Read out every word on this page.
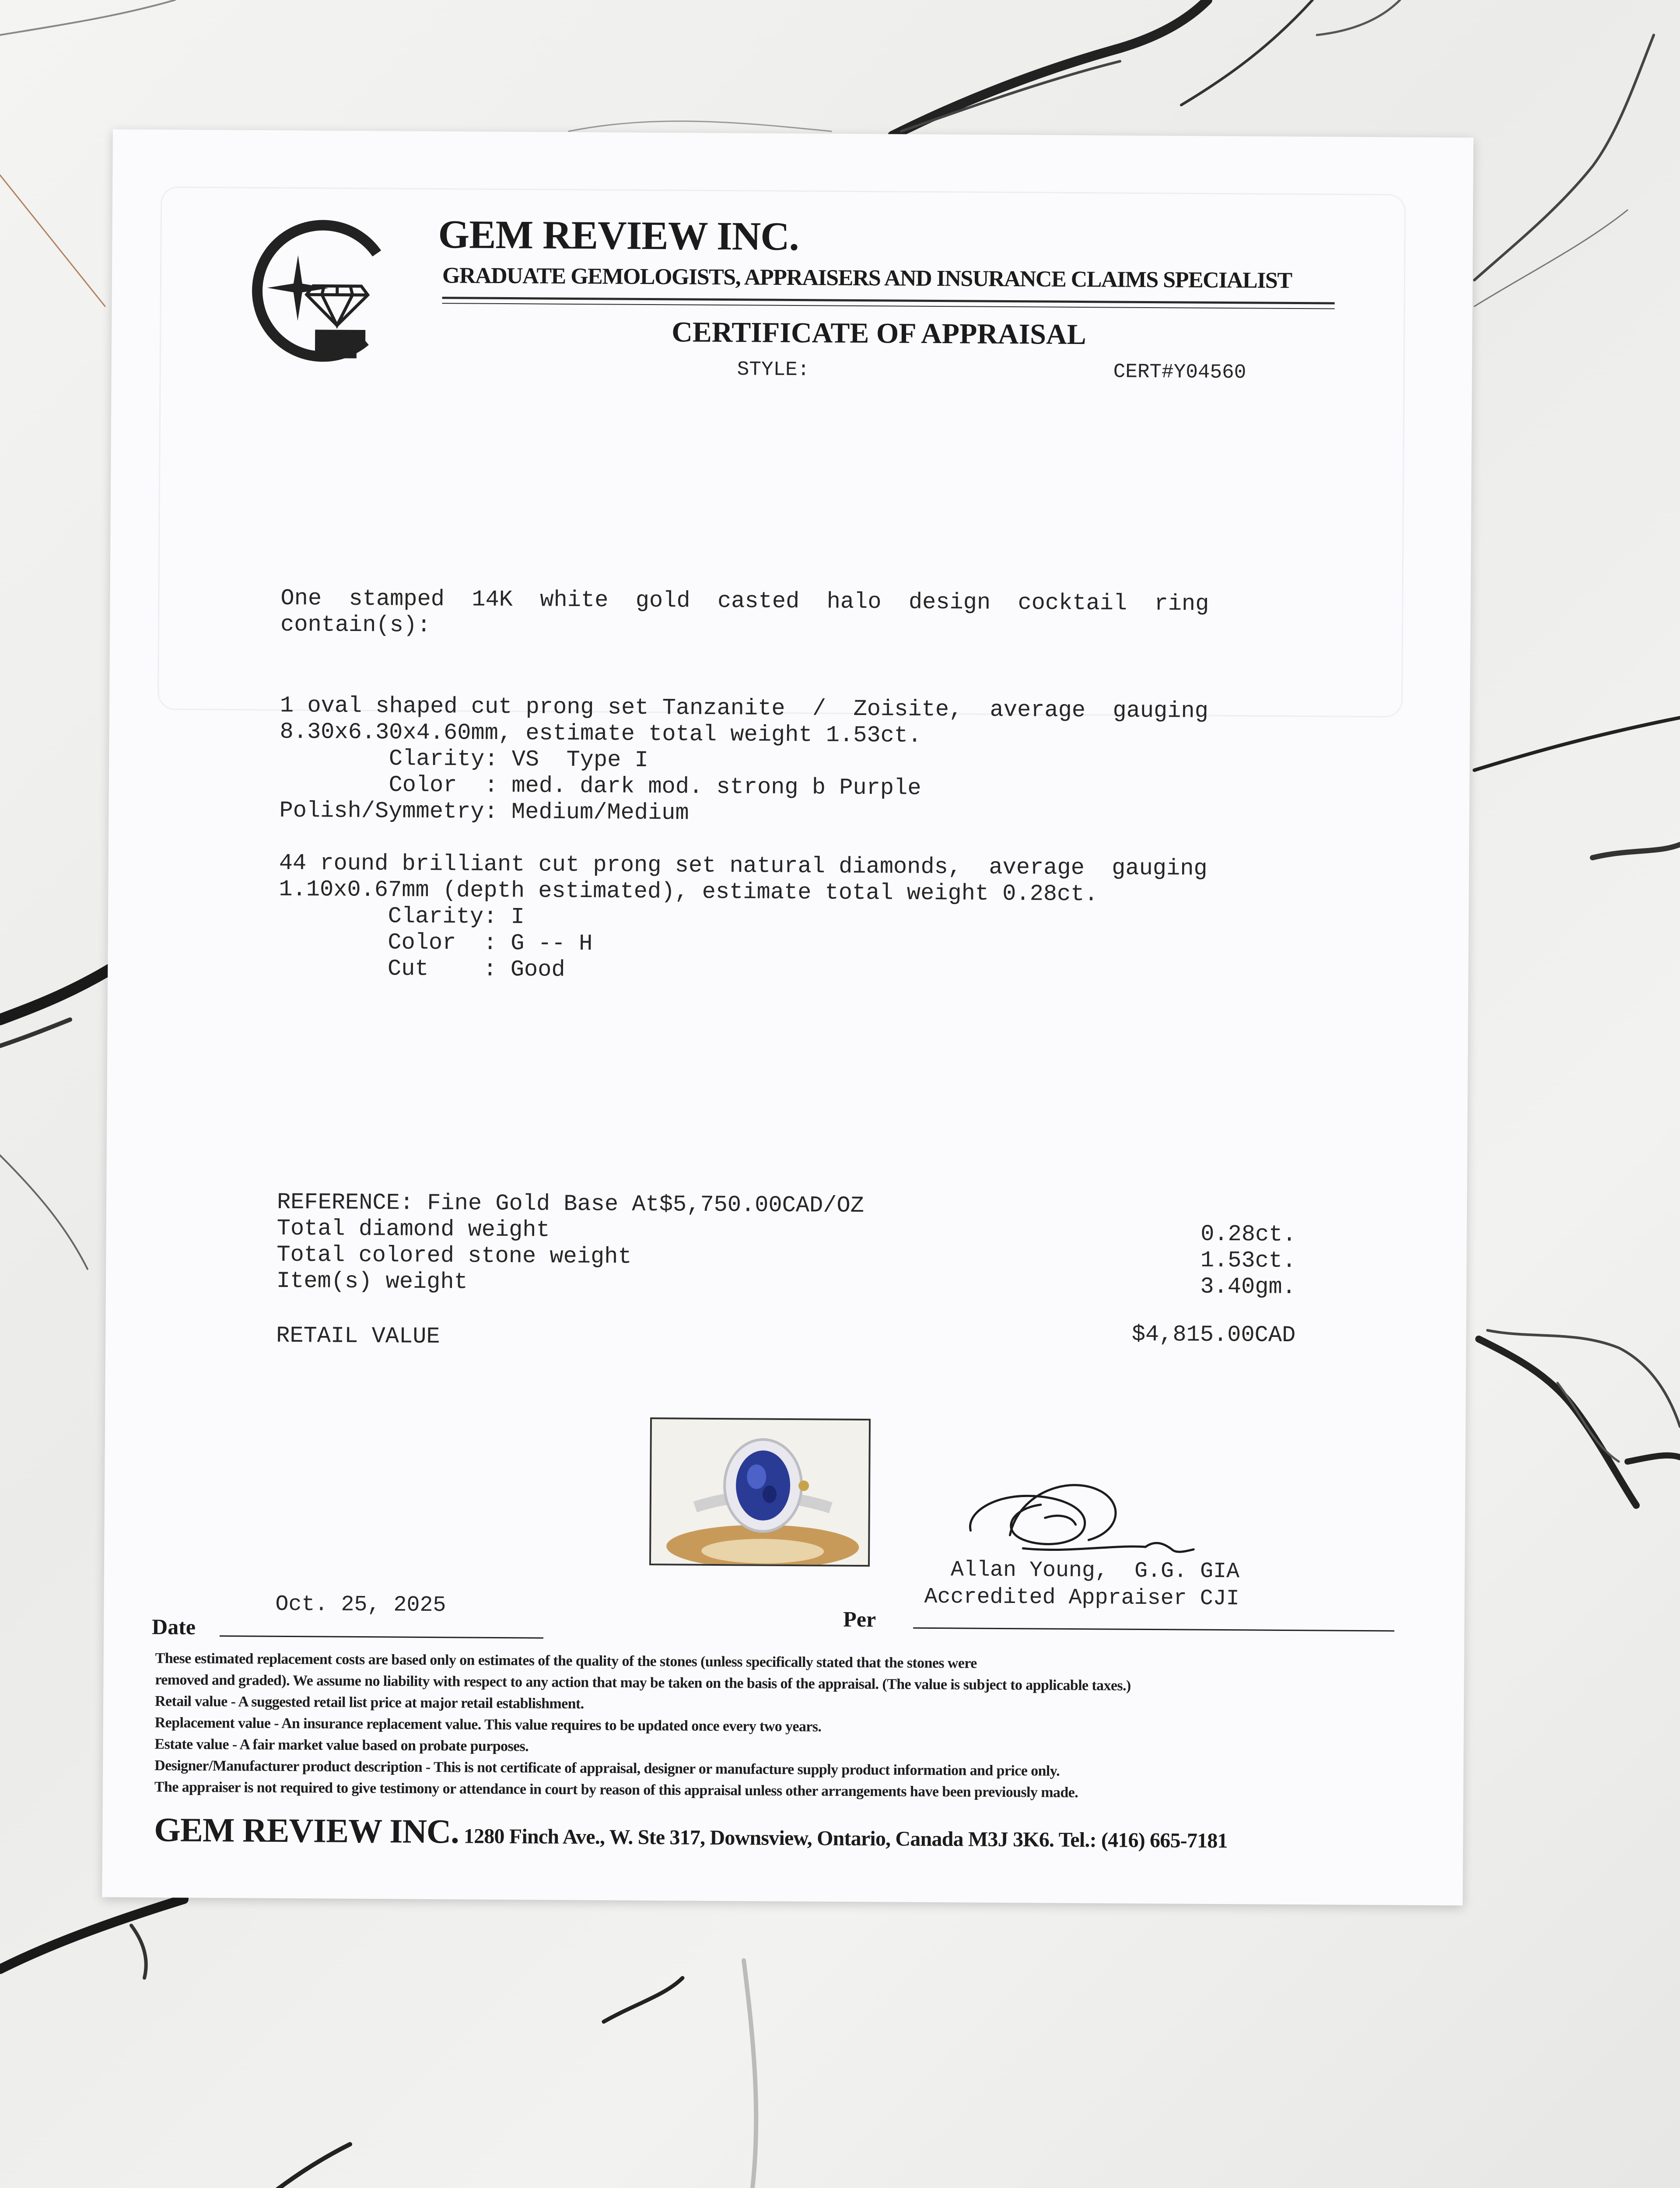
GEM REVIEW INC.
GRADUATE GEMOLOGISTS, APPRAISERS AND INSURANCE CLAIMS SPECIALIST
CERTIFICATE OF APPRAISAL
STYLE:	CERT#Y04560
One  stamped  14K  white  gold  casted  halo  design  cocktail  ring
contain(s):
1 oval shaped cut prong set Tanzanite  /  Zoisite,  average  gauging
8.30x6.30x4.60mm, estimate total weight 1.53ct.
Clarity: VS  Type I
Color  : med. dark mod. strong b Purple
Polish/Symmetry: Medium/Medium
44 round brilliant cut prong set natural diamonds,  average  gauging
1.10x0.67mm (depth estimated), estimate total weight 0.28ct.
Clarity: I
Color  : G -- H
Cut    : Good
REFERENCE: Fine Gold Base At$5,750.00CAD/OZ
Total diamond weight	0.28ct.
Total colored stone weight	1.53ct.
Item(s) weight	3.40gm.
RETAIL VALUE	$4,815.00CAD
Allan Young,  G.G. GIA
Accredited Appraiser CJI
Date
Oct. 25, 2025
Per
These estimated replacement costs are based only on estimates of the quality of the stones (unless specifically stated that the stones were
removed and graded). We assume no liability with respect to any action that may be taken on the basis of the appraisal. (The value is subject to applicable taxes.)
Retail value - A suggested retail list price at major retail establishment.
Replacement value - An insurance replacement value. This value requires to be updated once every two years.
Estate value - A fair market value based on probate purposes.
Designer/Manufacturer product description - This is not certificate of appraisal, designer or manufacture supply product information and price only.
The appraiser is not required to give testimony or attendance in court by reason of this appraisal unless other arrangements have been previously made.
GEM REVIEW INC. 1280 Finch Ave., W. Ste 317, Downsview, Ontario, Canada M3J 3K6. Tel.: (416) 665-7181
